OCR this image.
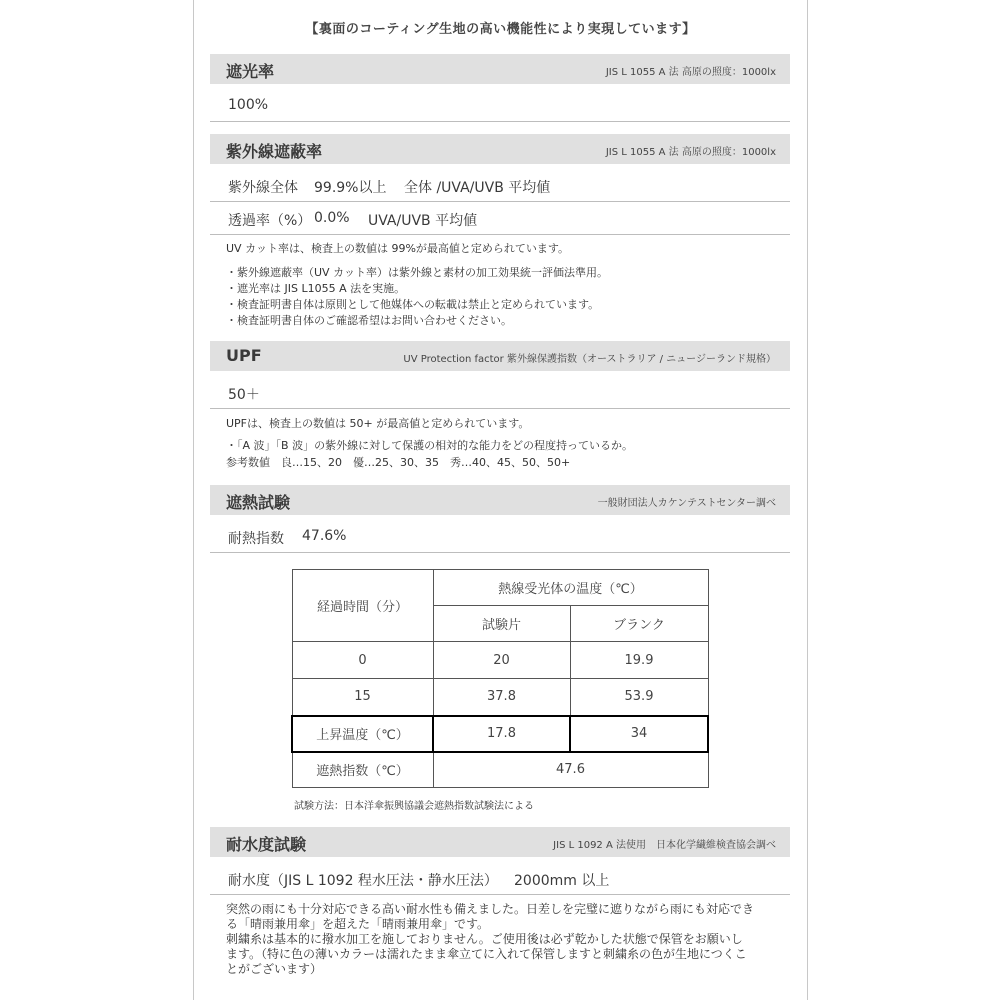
【裏面のコーティング生地の高い機能性により実現しています】
遮光率	JIS L 1055 A 法 高原の照度：1000lx
100%
紫外線遮蔽率	JIS L 1055 A 法 高原の照度：1000lx
紫外線全体 99.9%以上 全体 /UVA/UVB 平均値
透過率（%） 0.0% UVA/UVB 平均値
UV カット率は、検査上の数値は 99%が最高値と定められています。
・紫外線遮蔽率（UV カット率）は紫外線と素材の加工効果統一評価法準用。
・遮光率は JIS L1055 A 法を実施。
・検査証明書自体は原則として他媒体への転載は禁止と定められています。
・検査証明書自体のご確認希望はお問い合わせください。
UPF	UV Protection factor 紫外線保護指数（オーストラリア / ニュージーランド規格）
50＋
UPFは、検査上の数値は 50+ が最高値と定められています。
・「A 波」「B 波」の紫外線に対して保護の相対的な能力をどの程度持っているか。
参考数値　良…15、20　優…25、30、35　秀…40、45、50、50+
遮熱試験	一般財団法人カケンテストセンター調べ
耐熱指数 47.6%
経過時間（分）	熱線受光体の温度（℃）	
	試験片	ブランク
0	20	19.9
15	37.8	53.9
上昇温度（℃）	17.8	34
遮熱指数（℃）	47.6	
試験方法：日本洋傘振興協議会遮熱指数試験法による
耐水度試験	JIS L 1092 A 法使用　日本化学繊維検査協会調べ
耐水度（JIS L 1092 程水圧法・静水圧法） 2000mm 以上
突然の雨にも十分対応できる高い耐水性も備えました。日差しを完璧に遮りながら雨にも対応でき
る「晴雨兼用傘」を超えた「晴雨兼用傘」です。
刺繍糸は基本的に撥水加工を施しておりません。ご使用後は必ず乾かした状態で保管をお願いし
ます。（特に色の薄いカラーは濡れたまま傘立てに入れて保管しますと刺繍糸の色が生地につくこ
とがございます）
